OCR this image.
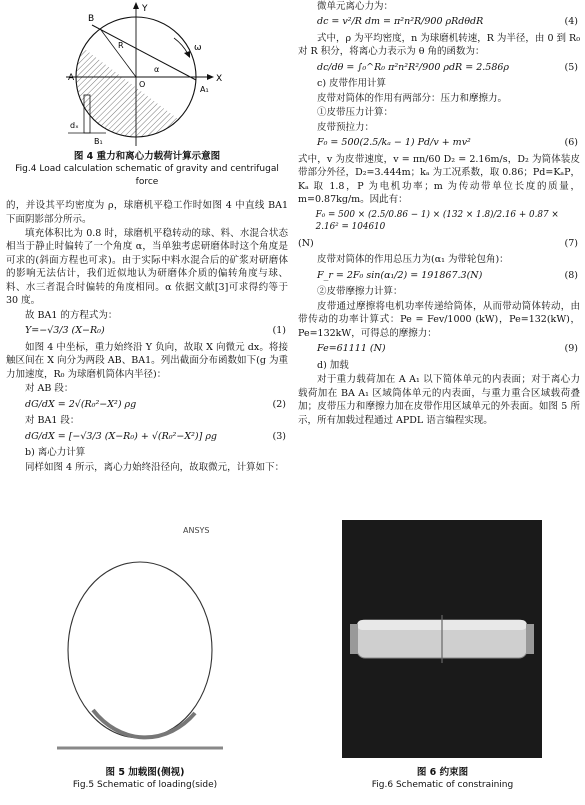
Y
X
A
B
B₁
A₁
O
R
α
ω
dₓ
图 4 重力和离心力载荷计算示意图
Fig.4 Load calculation schematic of gravity and centrifugal force

的，并设其平均密度为 ρ，球磨机平稳工作时如图 4 中直线 BA1 下面阴影部分所示。

填充体积比为 0.8 时，球磨机平稳转动的球、料、水混合状态相当于静止时偏转了一个角度 α，当单独考虑研磨体时这个角度是可求的(斜面方程也可求)。由于实际中料水混合后的矿浆对研磨体的影响无法估计，我们近似地认为研磨体介质的偏转角度与球、料、水三者混合时偏转的角度相同。α 依据文献[3]可求得约等于 30 度。

故 BA1 的方程式为：

Y=−√3/3 (X−R₀)	(1)

如图 4 中坐标，重力始终沿 Y 负向，故取 X 向微元 dx。将接触区间在 X 向分为两段 AB、BA1。列出截面分布函数如下(g 为重力加速度，R₀ 为球磨机筒体内半径)：

对 AB 段：

dG/dX = 2√(R₀²−X²) ρg	(2)

对 BA1 段：

dG/dX = [−√3/3 (X−R₀) + √(R₀²−X²)] ρg	(3)

b) 离心力计算

同样如图 4 所示，离心力始终沿径向，故取微元，计算如下：

微单元离心力为：

dc = v²/R dm = π²n²R/900 ρRdθdR	(4)

式中，ρ 为平均密度，n 为球磨机转速，R 为半径，由 0 到 R₀ 对 R 积分，将离心力表示为 θ 角的函数为：

dc/dθ = ∫₀^R₀ π²n²R²/900 ρdR = 2.586ρ	(5)

c) 皮带作用计算

皮带对筒体的作用有两部分：压力和摩擦力。

①皮带压力计算：

皮带预拉力：

F₀ = 500(2.5/kₐ − 1) Pd/v + mv²	(6)

式中，v 为皮带速度，v = πn/60 D₂ = 2.16m/s，D₂ 为筒体装皮带部分外径，D₂=3.444m；kₐ 为工况系数，取 0.86；Pd=KₐP，Kₐ 取 1.8，P 为电机功率；m 为传动带单位长度的质量，m=0.87kg/m。因此有：

F₀ = 500 × (2.5/0.86 − 1) × (132 × 1.8)/2.16 + 0.87 × 2.16² = 104610
(N)	(7)

皮带对筒体的作用总压力为(α₁ 为带轮包角)：

F_r = 2F₀ sin(α₁/2) = 191867.3(N)	(8)

②皮带摩擦力计算：

皮带通过摩擦将电机功率传递给筒体，从而带动筒体转动，由带传动的功率计算式：Pe = Fev/1000 (kW)，Pe=132(kW)，Pe=132kW，可得总的摩擦力：

Fe=61111 (N)	(9)

d) 加载

对于重力载荷加在 A A₁ 以下简体单元的内表面；对于离心力载荷加在 BA A₁ 区域筒体单元的内表面，与重力重合区域载荷叠加；皮带压力和摩擦力加在皮带作用区域单元的外表面。如图 5 所示，所有加载过程通过 APDL 语言编程实现。

ANSYS
图 5 加载图(侧视)
Fig.5 Schematic of loading(side)
图 6 约束图
Fig.6 Schematic of constraining
